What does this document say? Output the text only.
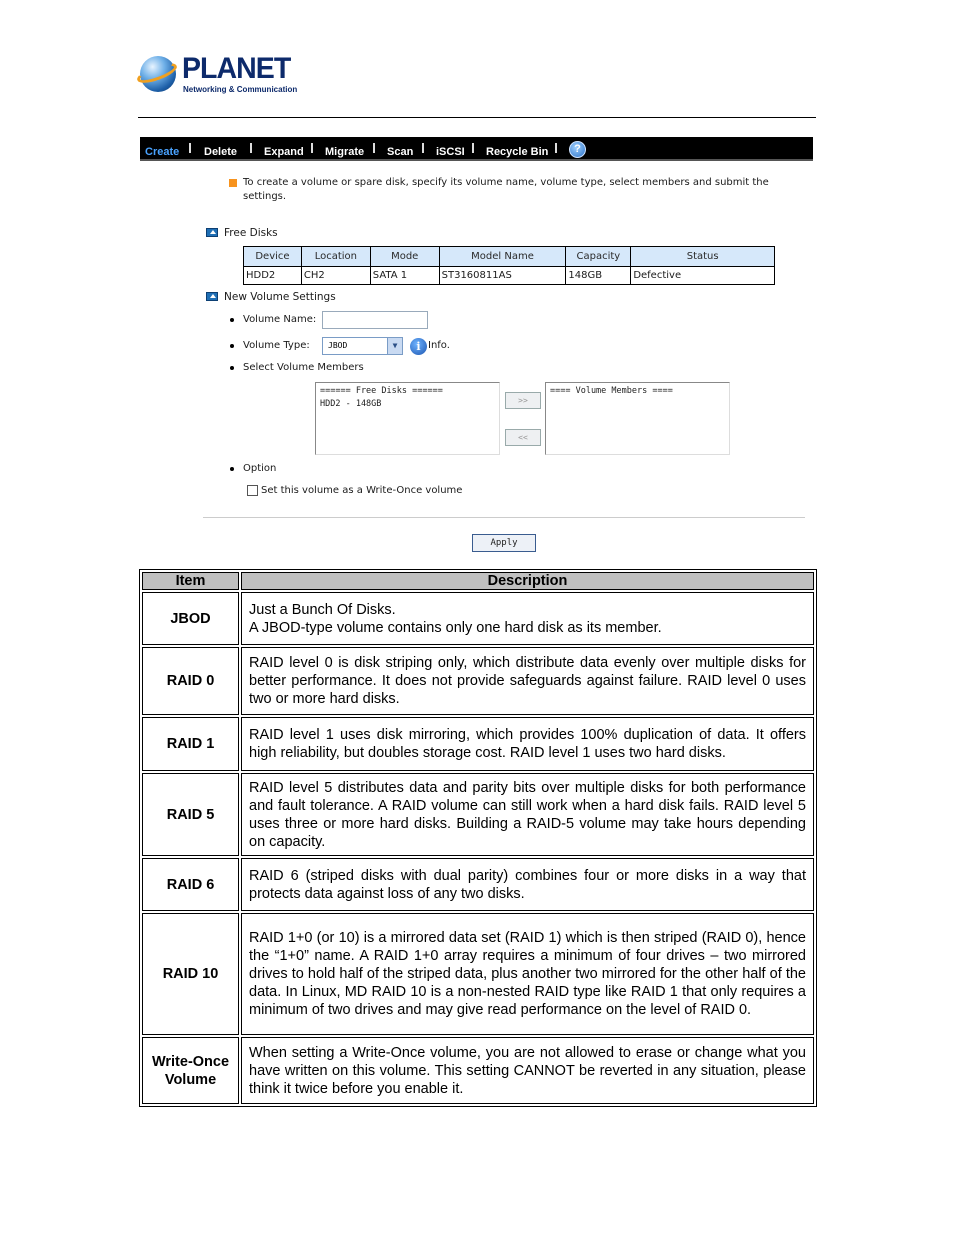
PLANET
Networking & Communication
Create Delete Expand Migrate Scan iSCSI Recycle Bin	?
To create a volume or spare disk, specify its volume name, volume type, select members and submit the settings.
Free Disks
Device	Location	Mode	Model Name	Capacity	Status
HDD2	CH2	SATA 1	ST3160811AS	148GB	Defective
New Volume Settings
Volume Name:
Volume Type:	JBOD	▼	i Info.
Select Volume Members
====== Free Disks ======
HDD2 - 148GB	>>
<<
==== Volume Members ====
Option
Set this volume as a Write-Once volume
Apply
Item	Description
JBOD	Just a Bunch Of Disks.
A JBOD-type volume contains only one hard disk as its member.

RAID 0	RAID level 0 is disk striping only, which distribute data evenly over multiple disks for better performance. It does not provide safeguards against failure. RAID level 0 uses two or more hard disks.
RAID 1	RAID level 1 uses disk mirroring, which provides 100% duplication of data. It offers high reliability, but doubles storage cost. RAID level 1 uses two hard disks.
RAID 5	RAID level 5 distributes data and parity bits over multiple disks for both performance and fault tolerance. A RAID volume can still work when a hard disk fails. RAID level 5 uses three or more hard disks. Building a RAID-5 volume may take hours depending on capacity.
RAID 6	RAID 6 (striped disks with dual parity) combines four or more disks in a way that protects data against loss of any two disks.
RAID 10	RAID 1+0 (or 10) is a mirrored data set (RAID 1) which is then striped (RAID 0), hence the “1+0” name. A RAID 1+0 array requires a minimum of four drives – two mirrored drives to hold half of the striped data, plus another two mirrored for the other half of the data. In Linux, MD RAID 10 is a non-nested RAID type like RAID 1 that only requires a minimum of two drives and may give read performance on the level of RAID 0.

Write-Once
Volume	When setting a Write-Once volume, you are not allowed to erase or change what you have written on this volume. This setting CANNOT be reverted in any situation, please think it twice before you enable it.
